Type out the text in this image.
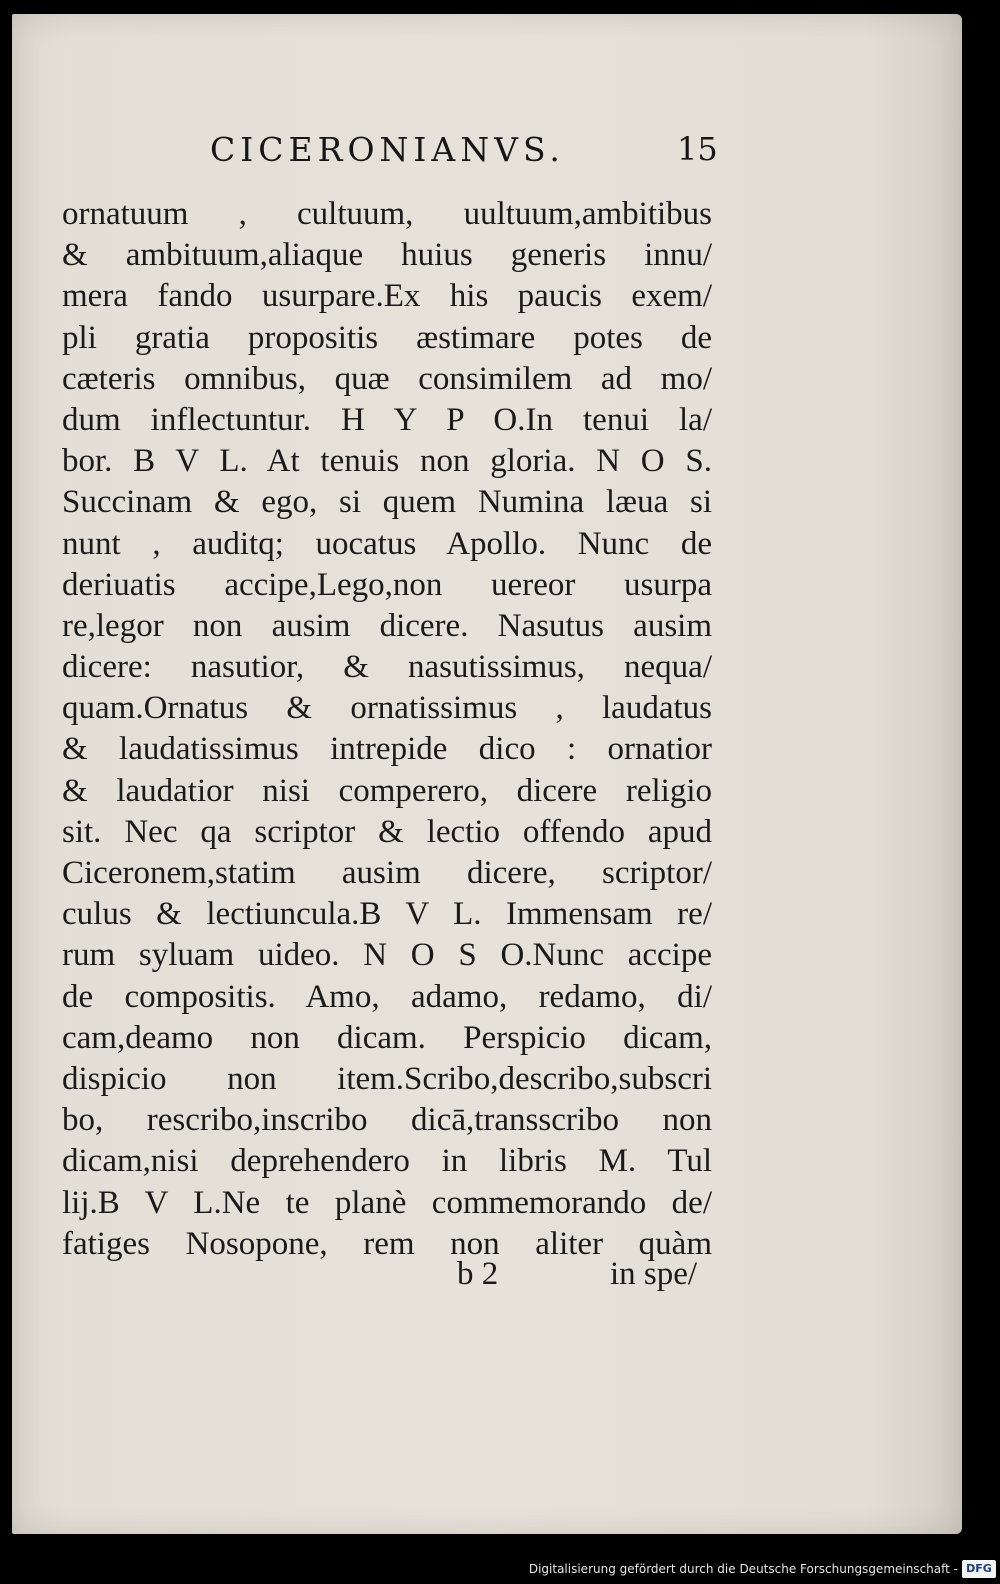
CICERONIANVS.	15
ornatuum , cultuum, uultuum,ambitibus
& ambituum,aliaque huius generis innu/
mera fando usurpare.Ex his paucis exem/
pli gratia propositis æstimare potes de
cæteris omnibus, quæ consimilem ad mo/
dum inflectuntur. H Y P O.In tenui la/
bor. B V L. At tenuis non gloria. N O S.
Succinam & ego, si quem Numina læua si
nunt , auditq; uocatus Apollo. Nunc de
deriuatis accipe,Lego,non uereor usurpa
re,legor non ausim dicere. Nasutus ausim
dicere: nasutior, & nasutissimus, nequa/
quam.Ornatus & ornatissimus , laudatus
& laudatissimus intrepide dico : ornatior
& laudatior nisi comperero, dicere religio
sit. Nec qa scriptor & lectio offendo apud
Ciceronem,statim ausim dicere, scriptor/
culus & lectiuncula.B V L. Immensam re/
rum syluam uideo. N O S O.Nunc accipe
de compositis. Amo, adamo, redamo, di/
cam,deamo non dicam. Perspicio dicam,
dispicio non item.Scribo,describo,subscri
bo, rescribo,inscribo dicā,transscribo non
dicam,nisi deprehendero in libris M. Tul
lij.B V L.Ne te planè commemorando de/
fatiges Nosopone, rem non aliter quàm
b 2	in spe/
Digitalisierung gefördert durch die Deutsche Forschungsgemeinschaft - DFG
